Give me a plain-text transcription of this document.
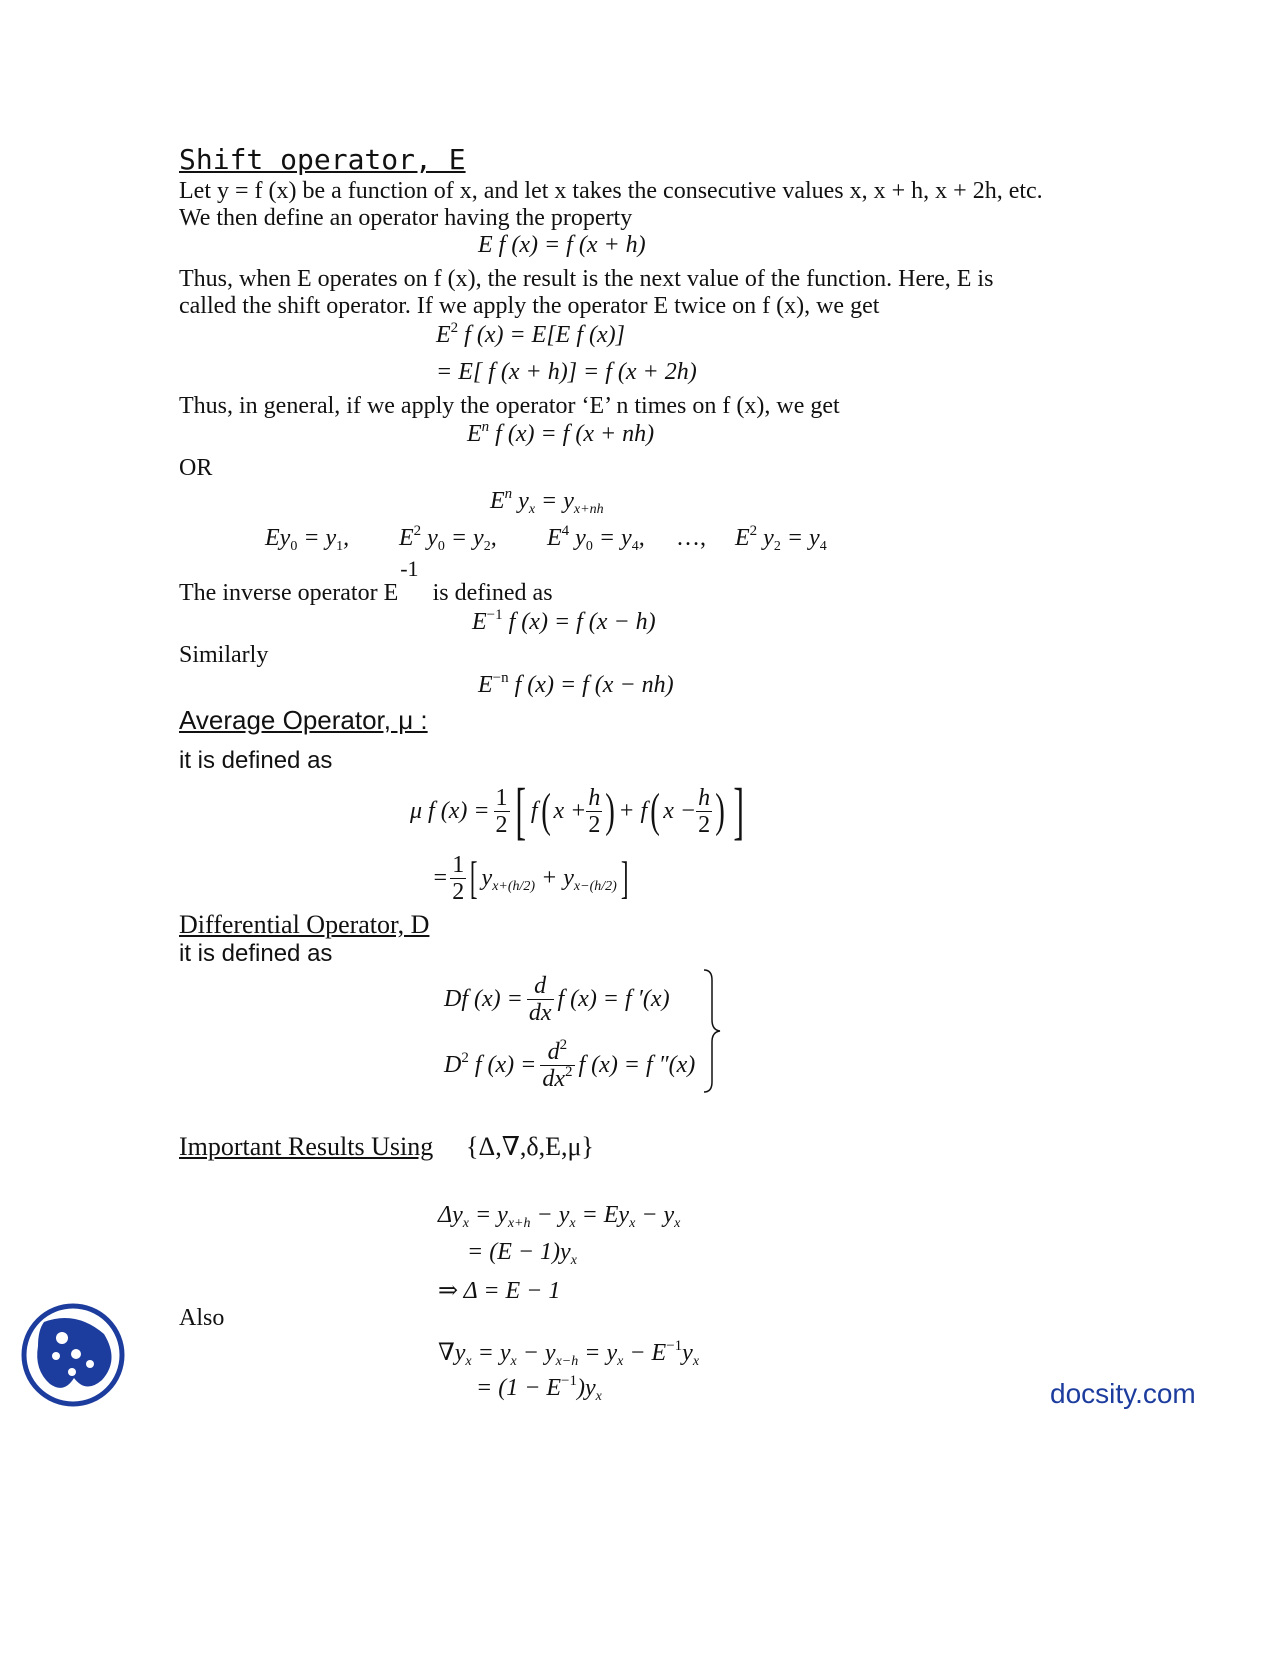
Shift operator, E
Let y = f (x) be a function of x, and let x takes the consecutive values x, x + h, x + 2h, etc.
We then define an operator having the property
E f (x) = f (x + h)
Thus, when E operates on f (x), the result is the next value of the function. Here, E is
called the shift operator. If we apply the operator E twice on f (x), we get
$E^2$ f (x) = E[E f (x)]
= E[ f (x + h)] = f (x + 2h)
Thus, in general, if we apply the operator ‘E’ n times on f (x), we get
$E^n$ f (x) = f (x + nh)
OR
$E^n$ $y_x = y_{x+nh}$
$Ey_0 = y_1$, $E^2$ $y_0 = y_2$, $E^4$ $y_0 = y_4$, …, $E^2$ $y_2 = y_4$
The inverse operator E-1is defined as
$E^{-1}$ f (x) = f (x − h)
Similarly
$E^{-n}$ f (x) = f (x − nh)
Average Operator, μ :
it is defined as
μ f $(x) = \frac{1}{2}$ [ f ( $x + \frac{h}{2}$ ) + f ( $x - \frac{h}{2}$ ) ]
= $\frac{1}{2}$ [ $y_{x+(h/2)} + y_{x-(h/2)}$ ]
Differential Operator, D
it is defined as
Df $(x) = \frac{d}{dx}$ f (x) = f ′(x)
$D^2$ f $(x) = \frac{d^2}{dx^2}$ f (x) = f ″(x)
Important Results Using {Δ,∇,δ,E,μ}
$\Delta y_x = y_{x+h} - y_x = Ey_x - y_x$
= $(E - 1)y_x$
⇒ Δ = E − 1
Also
$\nabla y_x = y_x - y_{x-h} = y_x - E^{-1}y_x$
= $(1 - E^{-1})y_x$	docsity.com
